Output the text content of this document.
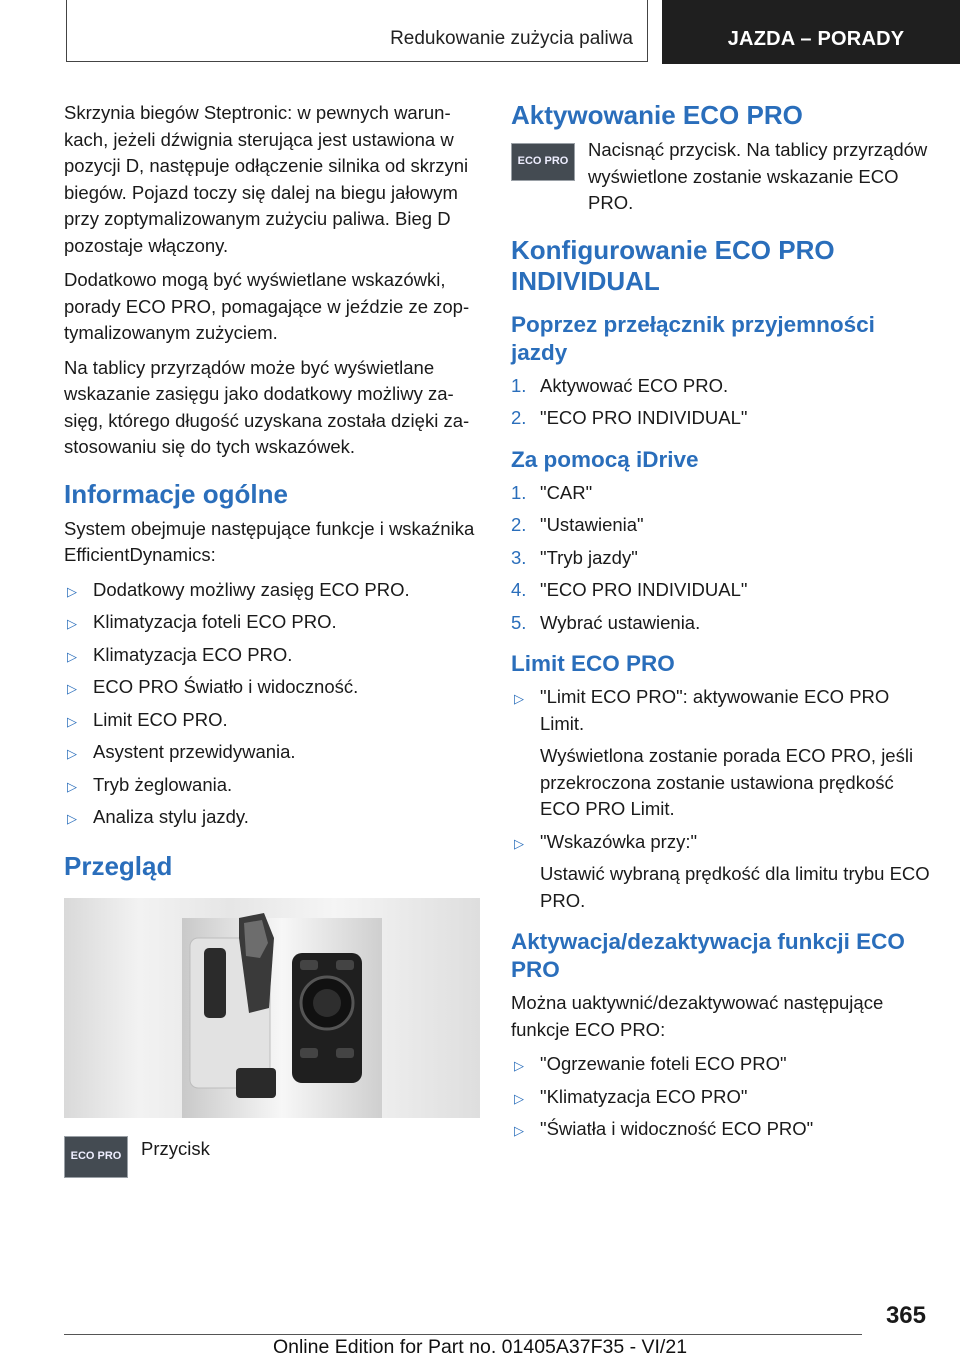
Redukowanie zużycia paliwa	JAZDA – PORADY

Skrzynia biegów Steptronic: w pewnych warunkach, jeżeli dźwignia sterująca jest ustawiona w pozycji D, następuje odłączenie silnika od skrzyni biegów. Pojazd toczy się dalej na biegu jałowym przy zoptymalizowanym zużyciu paliwa. Bieg D pozostaje włączony.

Dodatkowo mogą być wyświetlane wskazówki, porady ECO PRO, pomagające w jeździe ze zoptymalizowanym zużyciem.

Na tablicy przyrządów może być wyświetlane wskazanie zasięgu jako dodatkowy możliwy zasięg, którego długość uzyskana została dzięki zastosowaniu się do tych wskazówek.

Informacje ogólne

System obejmuje następujące funkcje i wskaźnika EfficientDynamics:

▷ Dodatkowy możliwy zasięg ECO PRO.
▷ Klimatyzacja foteli ECO PRO.
▷ Klimatyzacja ECO PRO.
▷ ECO PRO Światło i widoczność.
▷ Limit ECO PRO.
▷ Asystent przewidywania.
▷ Tryb żeglowania.
▷ Analiza stylu jazdy.
Przegląd
ECO PRO	Przycisk

Aktywowanie ECO PRO
ECO PRO

Nacisnąć przycisk. Na tablicy przyrządów wyświetlone zostanie wskazanie ECO PRO.

Konfigurowanie ECO PRO INDIVIDUAL
Poprzez przełącznik przyjemności jazdy
1. Aktywować ECO PRO.
2. "ECO PRO INDIVIDUAL"
Za pomocą iDrive
1. "CAR"
2. "Ustawienia"
3. "Tryb jazdy"
4. "ECO PRO INDIVIDUAL"
5. Wybrać ustawienia.
Limit ECO PRO
▷ "Limit ECO PRO": aktywowanie ECO PRO Limit.
Wyświetlona zostanie porada ECO PRO, jeśli przekroczona zostanie ustawiona prędkość ECO PRO Limit.
▷ "Wskazówka przy:"
Ustawić wybraną prędkość dla limitu trybu ECO PRO.
Aktywacja/dezaktywacja funkcji ECO PRO

Można uaktywnić/dezaktywować następujące funkcje ECO PRO:

▷ "Ogrzewanie foteli ECO PRO"
▷ "Klimatyzacja ECO PRO"
▷ "Światła i widoczność ECO PRO"
365
Online Edition for Part no. 01405A37F35 - VI/21
